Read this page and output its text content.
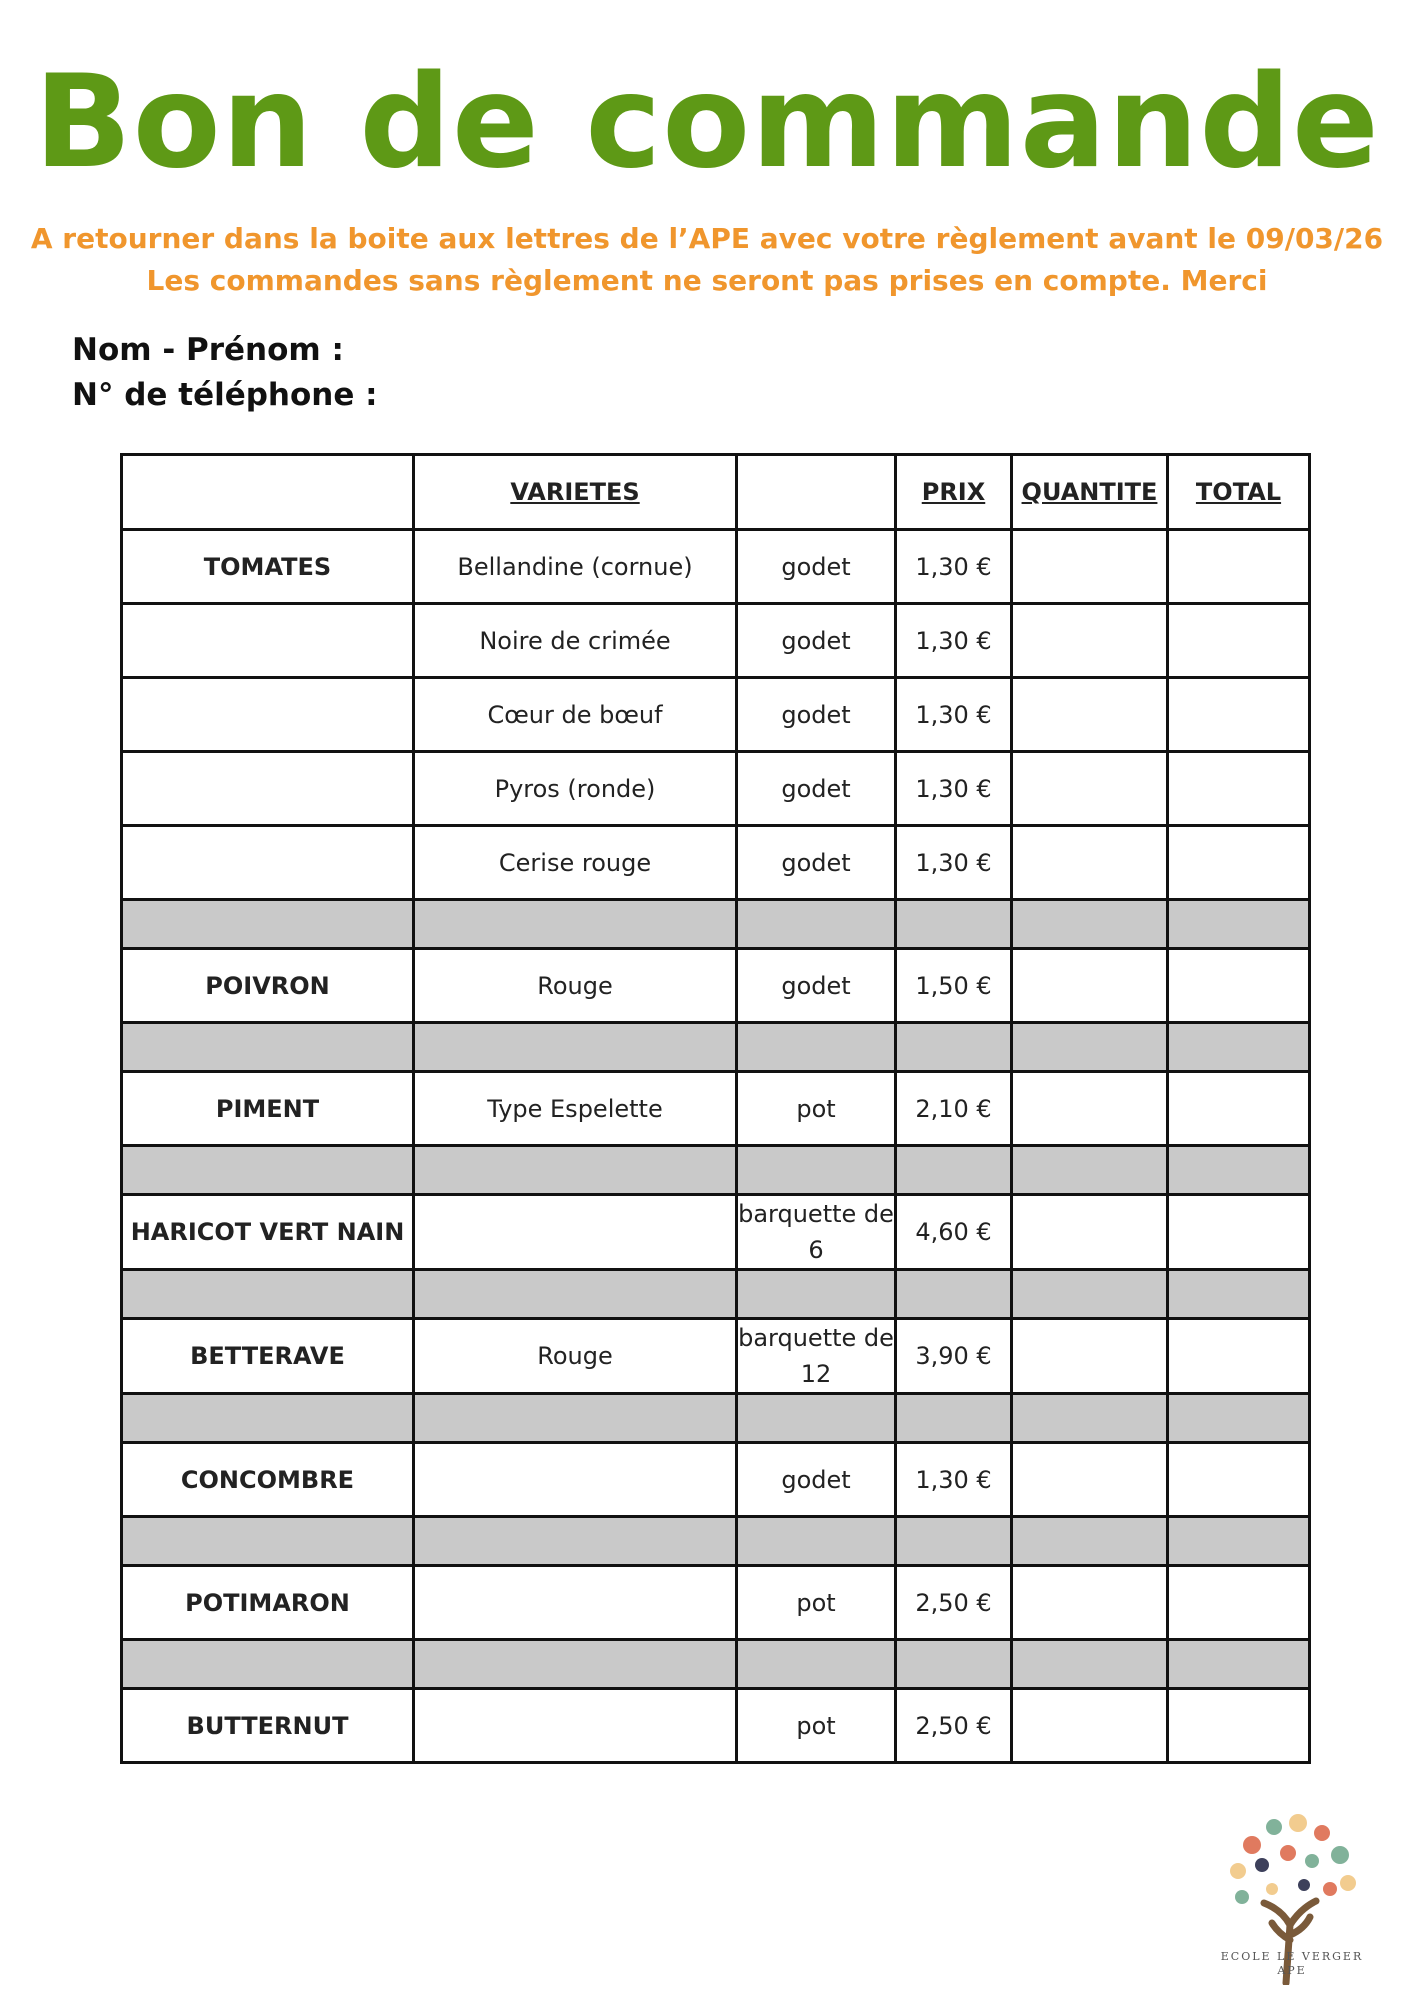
Bon de commande
A retourner dans la boite aux lettres de l’APE avec votre règlement avant le 09/03/26
Les commandes sans règlement ne seront pas prises en compte. Merci
Nom - Prénom :
N° de téléphone :
	VARIETES		PRIX	QUANTITE	TOTAL
TOMATES	Bellandine (cornue)	godet	1,30 €		
	Noire de crimée	godet	1,30 €		
	Cœur de bœuf	godet	1,30 €		
	Pyros (ronde)	godet	1,30 €		
	Cerise rouge	godet	1,30 €		

POIVRON	Rouge	godet	1,50 €		

PIMENT	Type Espelette	pot	2,10 €		

HARICOT VERT NAIN		barquette de 6	4,60 €		

BETTERAVE	Rouge	barquette de 12	3,90 €		

CONCOMBRE		godet	1,30 €		

POTIMARON		pot	2,50 €		

BUTTERNUT		pot	2,50 €		
ECOLE LE VERGER
APE
